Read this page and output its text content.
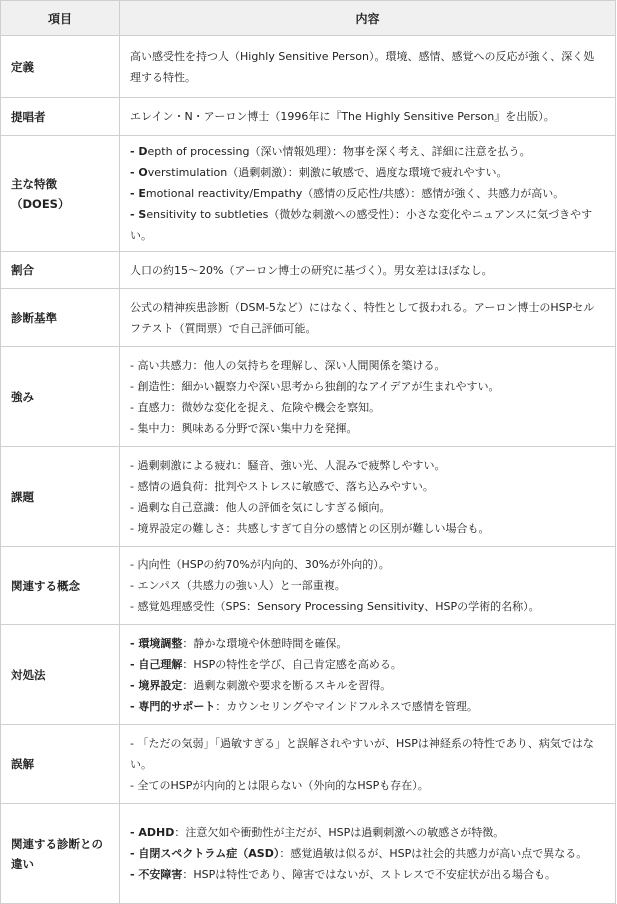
項目	内容
定義	高い感受性を持つ人（Highly Sensitive Person）。環境、感情、感覚への反応が強く、深く処理する特性。

提唱者	エレイン・N・アーロン博士（1996年に『The Highly Sensitive Person』を出版）。

主な特徴（DOES）	- Depth of processing（深い情報処理）：物事を深く考え、詳細に注意を払う。
- Overstimulation（過剰刺激）：刺激に敏感で、過度な環境で疲れやすい。
- Emotional reactivity/Empathy（感情の反応性/共感）：感情が強く、共感力が高い。
- Sensitivity to subtleties（微妙な刺激への感受性）：小さな変化やニュアンスに気づきやすい。

割合	人口の約15〜20%（アーロン博士の研究に基づく）。男女差はほぼなし。

診断基準	公式の精神疾患診断（DSM-5など）にはなく、特性として扱われる。アーロン博士のHSPセルフテスト（質問票）で自己評価可能。

強み	- 高い共感力：他人の気持ちを理解し、深い人間関係を築ける。
- 創造性：細かい観察力や深い思考から独創的なアイデアが生まれやすい。
- 直感力：微妙な変化を捉え、危険や機会を察知。
- 集中力：興味ある分野で深い集中力を発揮。

課題	- 過剰刺激による疲れ：騒音、強い光、人混みで疲弊しやすい。
- 感情の過負荷：批判やストレスに敏感で、落ち込みやすい。
- 過剰な自己意識：他人の評価を気にしすぎる傾向。
- 境界設定の難しさ：共感しすぎて自分の感情との区別が難しい場合も。

関連する概念	- 内向性（HSPの約70%が内向的、30%が外向的）。
- エンパス（共感力の強い人）と一部重複。
- 感覚処理感受性（SPS：Sensory Processing Sensitivity、HSPの学術的名称）。

対処法	- 環境調整：静かな環境や休憩時間を確保。
- 自己理解：HSPの特性を学び、自己肯定感を高める。
- 境界設定：過剰な刺激や要求を断るスキルを習得。
- 専門的サポート：カウンセリングやマインドフルネスで感情を管理。

誤解	- 「ただの気弱」「過敏すぎる」と誤解されやすいが、HSPは神経系の特性であり、病気ではない。
- 全てのHSPが内向的とは限らない（外向的なHSPも存在）。

関連する診断との違い	- ADHD：注意欠如や衝動性が主だが、HSPは過剰刺激への敏感さが特徴。
- 自閉スペクトラム症（ASD）：感覚過敏は似るが、HSPは社会的共感力が高い点で異なる。
- 不安障害：HSPは特性であり、障害ではないが、ストレスで不安症状が出る場合も。
